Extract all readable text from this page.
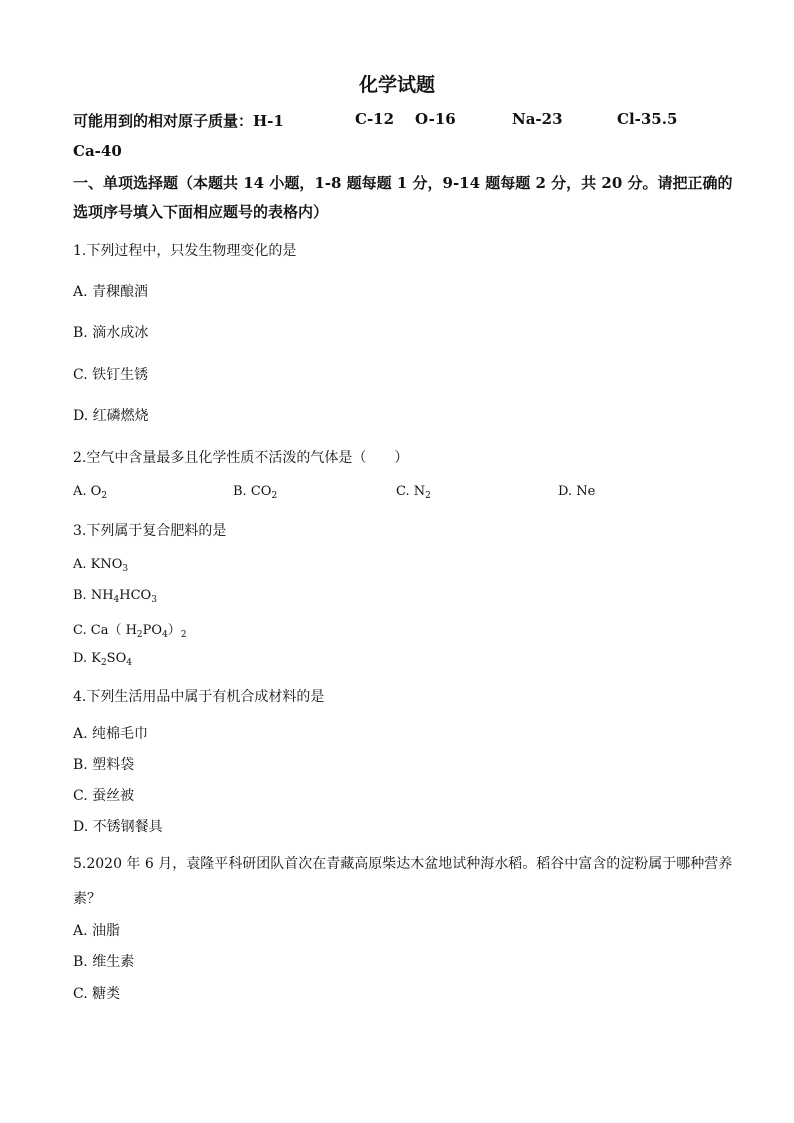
化学试题
可能用到的相对原子质量：H-1	C-12 O-16	Na-23	Cl-35.5
Ca-40
一、单项选择题（本题共 14 小题，1-8 题每题 1 分，9-14 题每题 2 分，共 20 分。请把正确的
选项序号填入下面相应题号的表格内）
1.下列过程中，只发生物理变化的是
A. 青稞酿酒
B. 滴水成冰
C. 铁钉生锈
D. 红磷燃烧
2.空气中含量最多且化学性质不活泼的气体是（　　）
A. $O_2$	B. $CO_2$	C. $N_2$	D. Ne
3.下列属于复合肥料的是
A. $KNO_3$
B. $NH_4HCO_3$
C. Ca（ $H_2PO_4)_2$
D. $K_2SO_4$
4.下列生活用品中属于有机合成材料的是
A. 纯棉毛巾
B. 塑料袋
C. 蚕丝被
D. 不锈钢餐具
5.2020 年 6 月，袁隆平科研团队首次在青藏高原柴达木盆地试种海水稻。稻谷中富含的淀粉属于哪种营养
素？
A. 油脂
B. 维生素
C. 糖类
